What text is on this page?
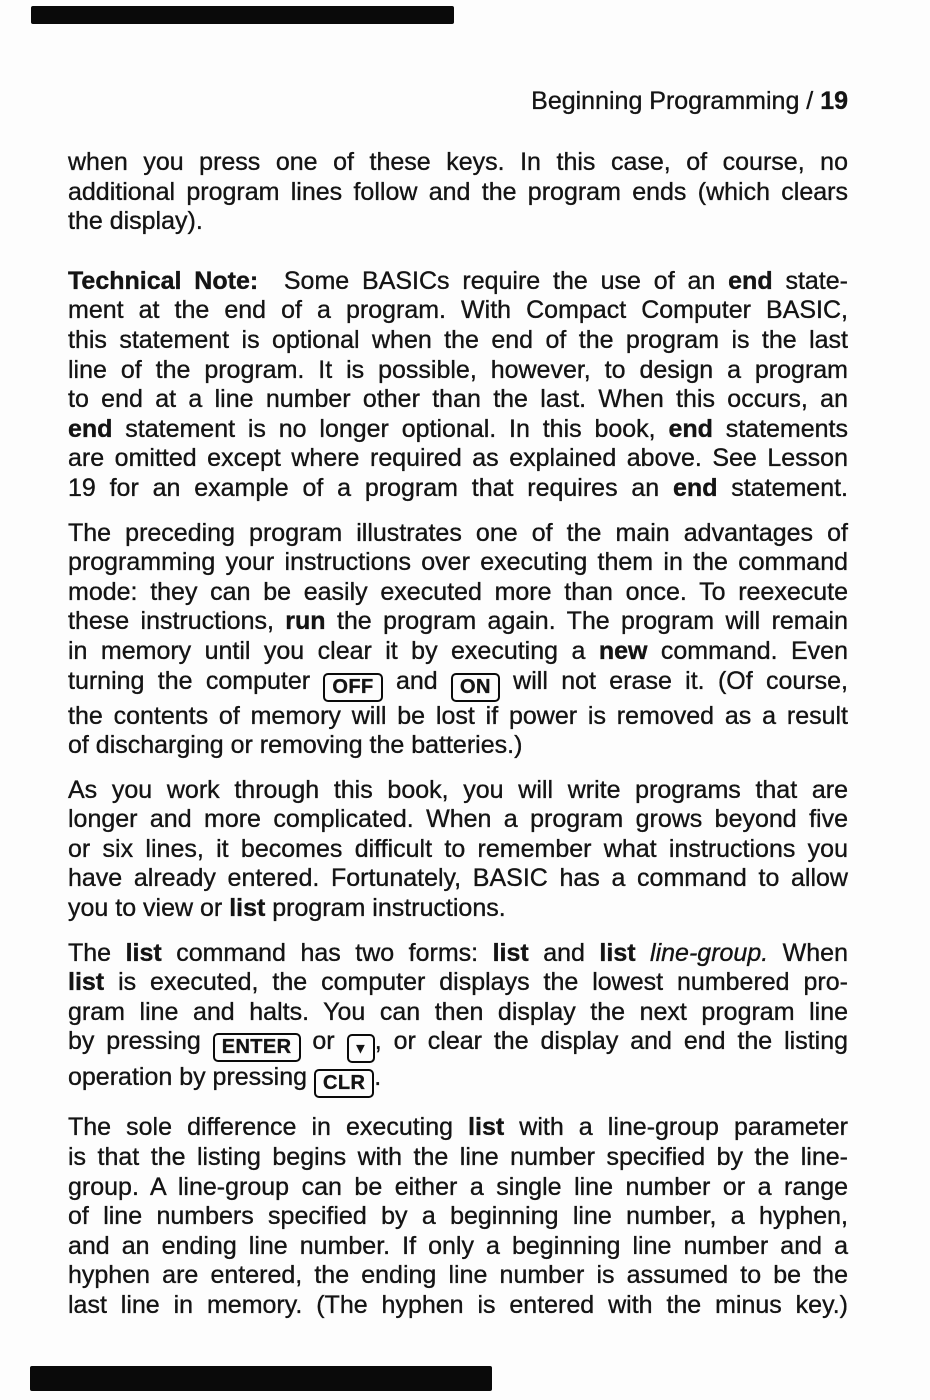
Beginning Programming / 19
when you press one of these keys. In this case, of course, no
additional program lines follow and the program ends (which clears
the display).
Technical Note:  Some BASICs require the use of an end state-
ment at the end of a program. With Compact Computer BASIC,
this statement is optional when the end of the program is the last
line of the program. It is possible, however, to design a program
to end at a line number other than the last. When this occurs, an
end statement is no longer optional. In this book, end statements
are omitted except where required as explained above. See Lesson
19 for an example of a program that requires an end statement.
The preceding program illustrates one of the main advantages of
programming your instructions over executing them in the command
mode: they can be easily executed more than once. To reexecute
these instructions, run the program again. The program will remain
in memory until you clear it by executing a new command. Even
turning the computer OFF and ON will not erase it. (Of course,
the contents of memory will be lost if power is removed as a result
of discharging or removing the batteries.)
As you work through this book, you will write programs that are
longer and more complicated. When a program grows beyond five
or six lines, it becomes difficult to remember what instructions you
have already entered. Fortunately, BASIC has a command to allow
you to view or list program instructions.
The list command has two forms: list and list line-group. When
list is executed, the computer displays the lowest numbered pro-
gram line and halts. You can then display the next program line
by pressing ENTER or ▼ , or clear the display and end the listing
operation by pressing CLR .
The sole difference in executing list with a line-group parameter
is that the listing begins with the line number specified by the line-
group. A line-group can be either a single line number or a range
of line numbers specified by a beginning line number, a hyphen,
and an ending line number. If only a beginning line number and a
hyphen are entered, the ending line number is assumed to be the
last line in memory. (The hyphen is entered with the minus key.)
